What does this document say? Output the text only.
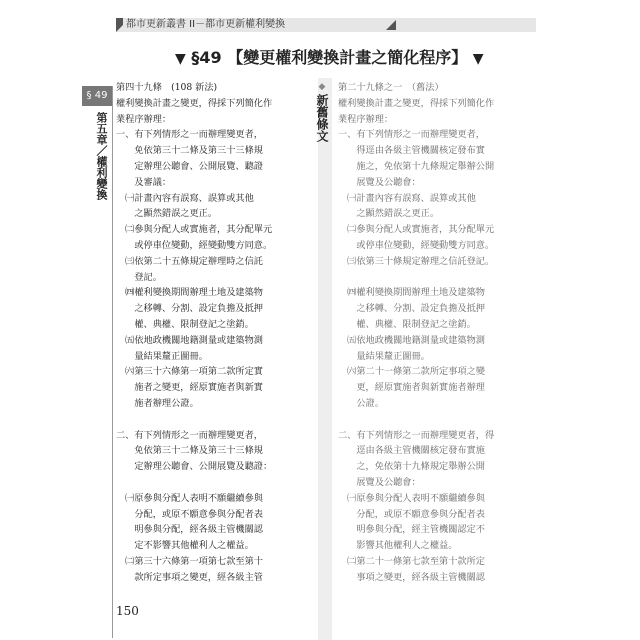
都市更新叢書 II－都市更新權利變換
▼ §49 【變更權利變換計畫之簡化程序】 ▼
§ 49
第五章／權利變換
◆
新舊條文

第四十九條　(108 新法)

權利變換計畫之變更，得採下列簡化作

業程序辦理：

一、有下列情形之一而辦理變更者，

　　免依第三十二條及第三十三條規

　　定辦理公聽會、公開展覽、聽證

　　及審議：

　㈠計畫內容有誤寫、誤算或其他

　　之顯然錯誤之更正。

　㈡參與分配人或實施者，其分配單元

　　或停車位變動，經變動雙方同意。

　㈢依第二十五條規定辦理時之信託

　　登記。

　㈣權利變換期間辦理土地及建築物

　　之移轉、分割、設定負擔及抵押

　　權、典權、限制登記之塗銷。

　㈤依地政機關地籍測量或建築物測

　　量結果釐正圖冊。

　㈥第三十六條第一項第二款所定實

　　施者之變更，經原實施者與新實

　　施者辦理公證。

二、有下列情形之一而辦理變更者，

　　免依第三十二條及第三十三條規

　　定辦理公聽會、公開展覽及聽證：

　㈠原參與分配人表明不願繼續參與

　　分配，或原不願意參與分配者表

　　明參與分配，經各級主管機關認

　　定不影響其他權利人之權益。

　㈡第三十六條第一項第七款至第十

　　款所定事項之變更，經各級主管

第二十九條之一　（舊法）

權利變換計畫之變更，得採下列簡化作

業程序辦理：

一、有下列情形之一而辦理變更者，

　　得逕由各級主管機關核定發布實

　　施之，免依第十九條規定舉辦公開

　　展覽及公聽會：

　㈠計畫內容有誤寫、誤算或其他

　　之顯然錯誤之更正。

　㈡參與分配人或實施者，其分配單元

　　或停車位變動，經變動雙方同意。

　㈢依第三十條規定辦理之信託登記。

　㈣權利變換期間辦理土地及建築物

　　之移轉、分割、設定負擔及抵押

　　權、典權、限制登記之塗銷。

　㈤依地政機關地籍測量或建築物測

　　量結果釐正圖冊。

　㈥第二十一條第二款所定事項之變

　　更，經原實施者與新實施者辦理

　　公證。

二、有下列情形之一而辦理變更者，得

　　逕由各級主管機關核定發布實施

　　之，免依第十九條規定舉辦公開

　　展覽及公聽會：

　㈠原參與分配人表明不願繼續參與

　　分配，或原不願意參與分配者表

　　明參與分配，經主管機關認定不

　　影響其他權利人之權益。

　㈡第二十一條第七款至第十款所定

　　事項之變更，經各級主管機關認

150
